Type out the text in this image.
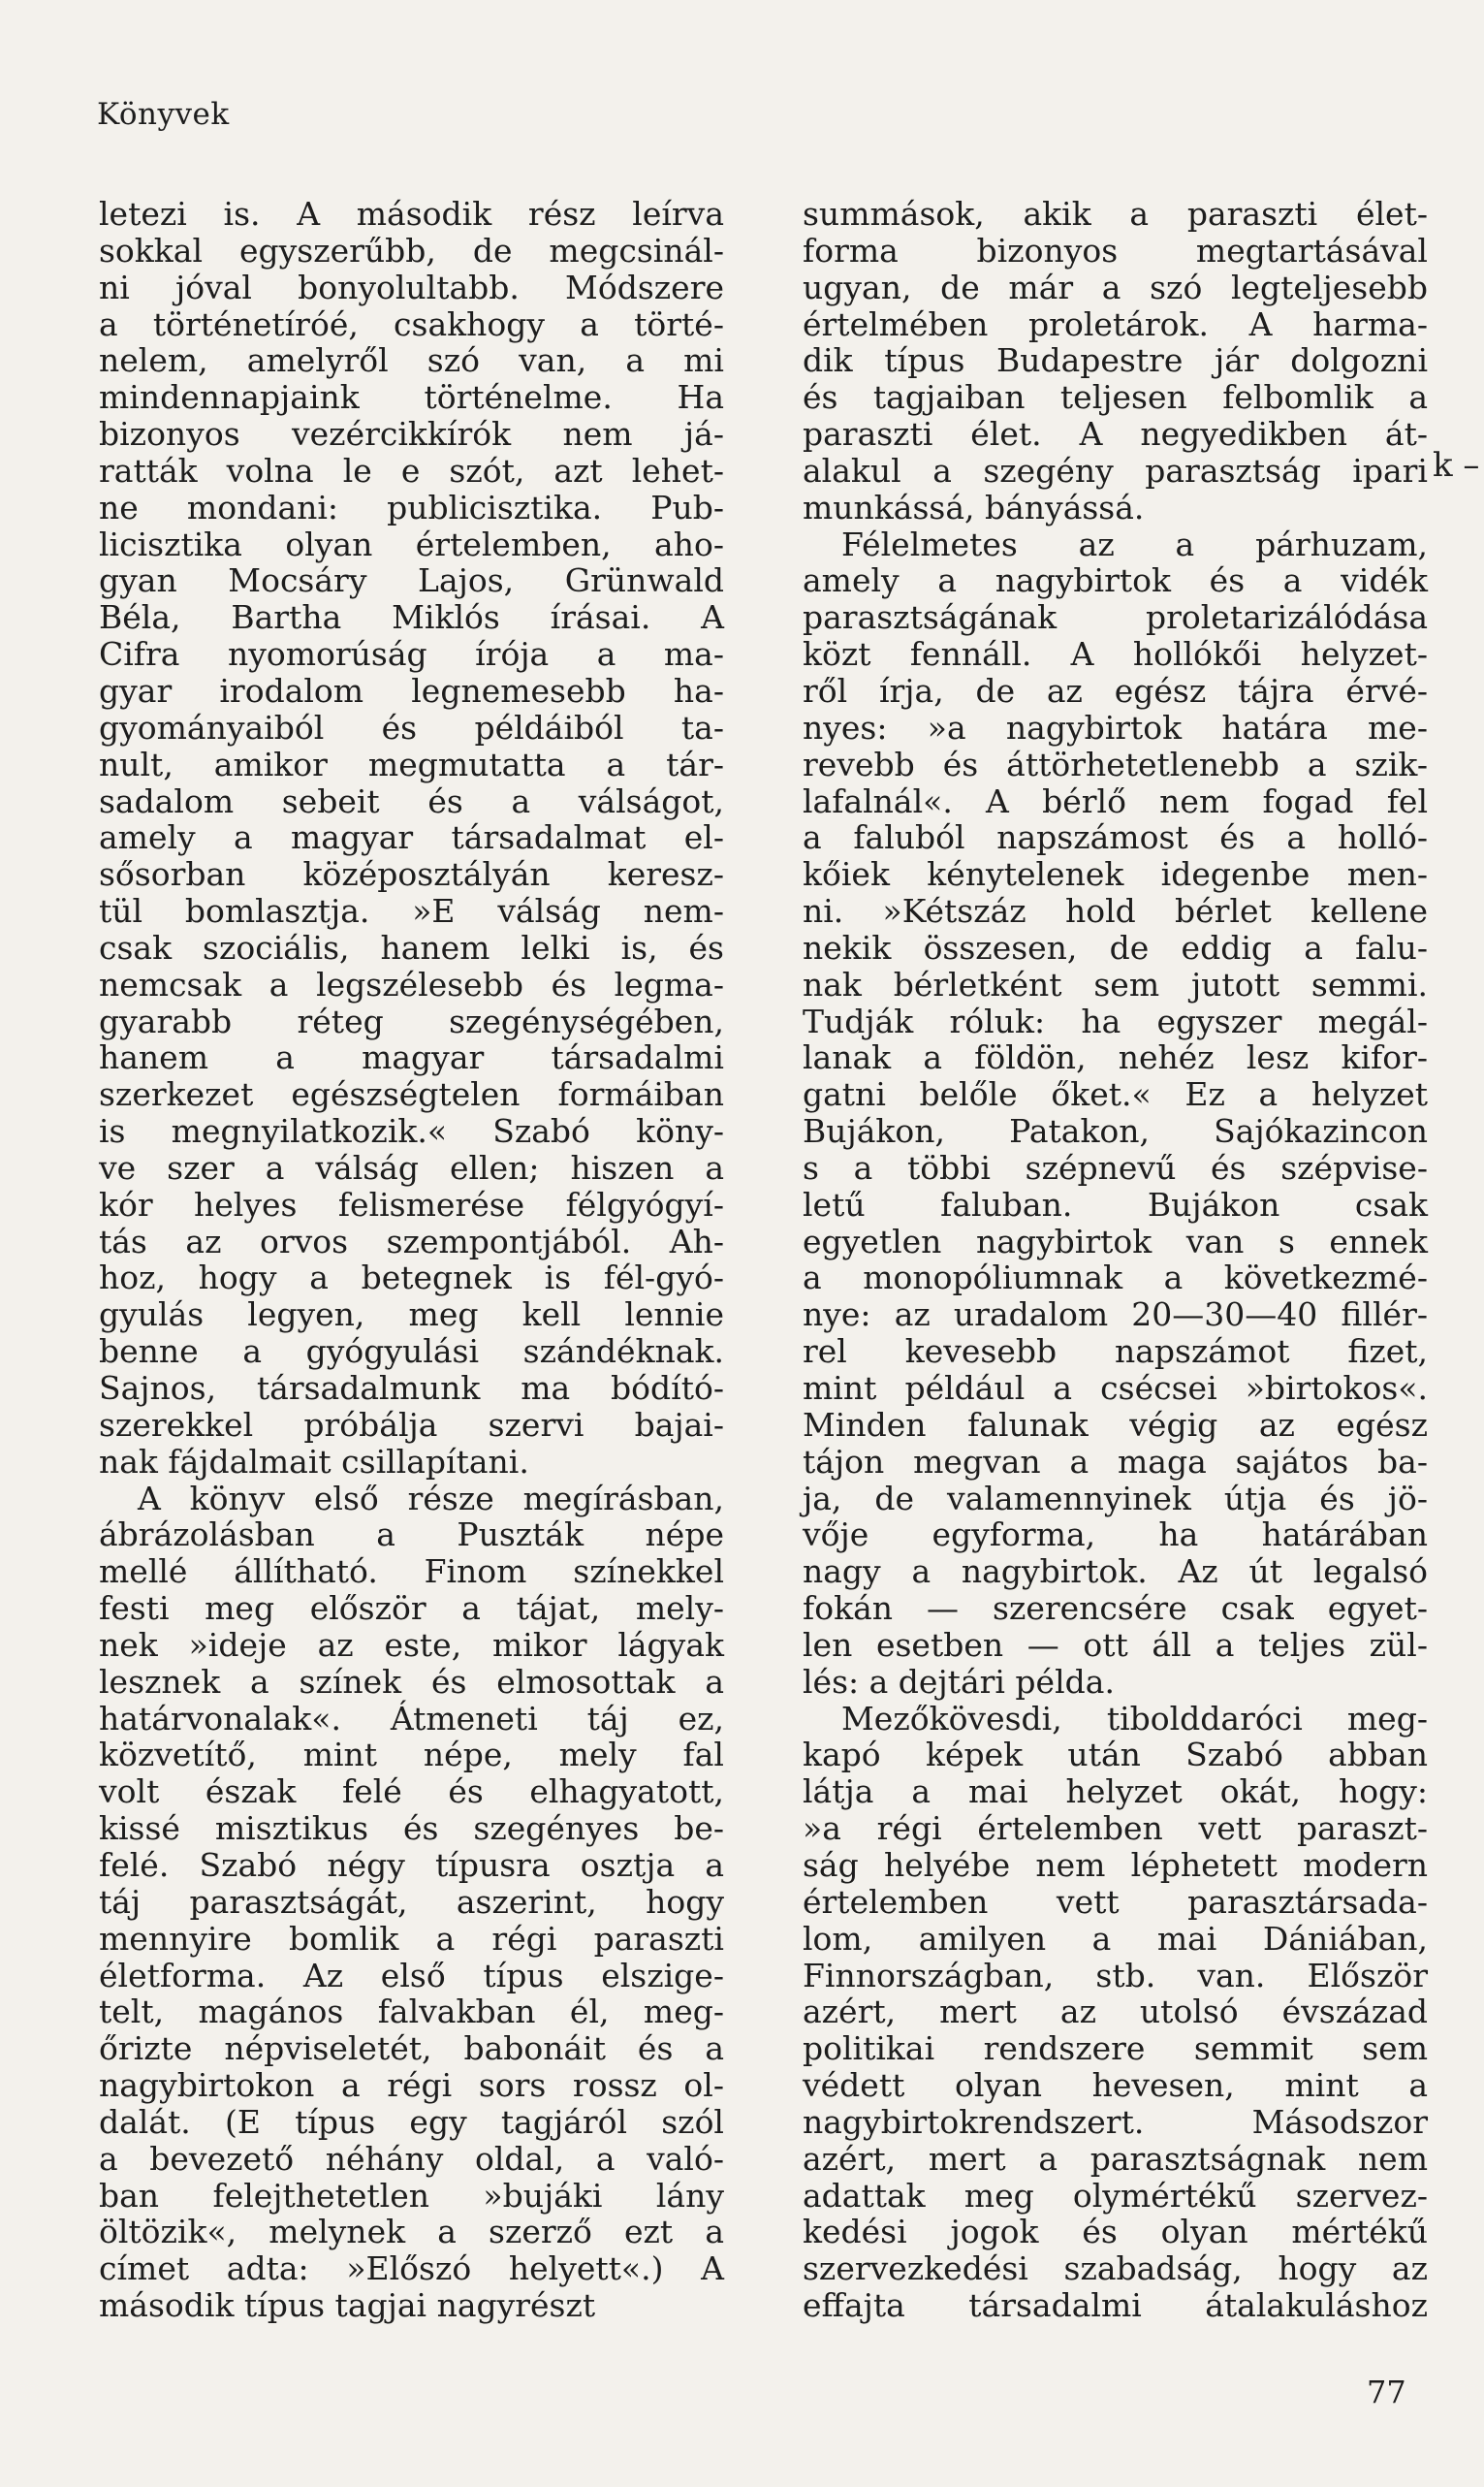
Könyvek
letezi is. A második rész leírva
sokkal egyszerűbb, de megcsinál-
ni jóval bonyolultabb. Módszere
a történetíróé, csakhogy a törté-
nelem, amelyről szó van, a mi
mindennapjaink történelme. Ha
bizonyos vezércikkírók nem já-
ratták volna le e szót, azt lehet-
ne mondani: publicisztika. Pub-
licisztika olyan értelemben, aho-
gyan Mocsáry Lajos, Grünwald
Béla, Bartha Miklós írásai. A
Cifra nyomorúság írója a ma-
gyar irodalom legnemesebb ha-
gyományaiból és példáiból ta-
nult, amikor megmutatta a tár-
sadalom sebeit és a válságot,
amely a magyar társadalmat el-
sősorban középosztályán keresz-
tül bomlasztja. »E válság nem-
csak szociális, hanem lelki is, és
nemcsak a legszélesebb és legma-
gyarabb réteg szegénységében,
hanem a magyar társadalmi
szerkezet egészségtelen formáiban
is megnyilatkozik.« Szabó köny-
ve szer a válság ellen; hiszen a
kór helyes felismerése félgyógyí-
tás az orvos szempontjából. Ah-
hoz, hogy a betegnek is fél-gyó-
gyulás legyen, meg kell lennie
benne a gyógyulási szándéknak.
Sajnos, társadalmunk ma bódító-
szerekkel próbálja szervi bajai-
nak fájdalmait csillapítani.
A könyv első része megírásban,
ábrázolásban a Puszták népe
mellé állítható. Finom színekkel
festi meg először a tájat, mely-
nek »ideje az este, mikor lágyak
lesznek a színek és elmosottak a
határvonalak«. Átmeneti táj ez,
közvetítő, mint népe, mely fal
volt észak felé és elhagyatott,
kissé misztikus és szegényes be-
felé. Szabó négy típusra osztja a
táj parasztságát, aszerint, hogy
mennyire bomlik a régi paraszti
életforma. Az első típus elszige-
telt, magános falvakban él, meg-
őrizte népviseletét, babonáit és a
nagybirtokon a régi sors rossz ol-
dalát. (E típus egy tagjáról szól
a bevezető néhány oldal, a való-
ban felejthetetlen »bujáki lány
öltözik«, melynek a szerző ezt a
címet adta: »Előszó helyett«.) A
második típus tagjai nagyrészt
summások, akik a paraszti élet-
forma bizonyos megtartásával
ugyan, de már a szó legteljesebb
értelmében proletárok. A harma-
dik típus Budapestre jár dolgozni
és tagjaiban teljesen felbomlik a
paraszti élet. A negyedikben át-
alakul a szegény parasztság ipari
munkássá, bányássá.
Félelmetes az a párhuzam,
amely a nagybirtok és a vidék
parasztságának proletarizálódása
közt fennáll. A hollókői helyzet-
ről írja, de az egész tájra érvé-
nyes: »a nagybirtok határa me-
revebb és áttörhetetlenebb a szik-
lafalnál«. A bérlő nem fogad fel
a faluból napszámost és a holló-
kőiek kénytelenek idegenbe men-
ni. »Kétszáz hold bérlet kellene
nekik összesen, de eddig a falu-
nak bérletként sem jutott semmi.
Tudják róluk: ha egyszer megál-
lanak a földön, nehéz lesz kifor-
gatni belőle őket.« Ez a helyzet
Bujákon, Patakon, Sajókazincon
s a többi szépnevű és szépvise-
letű faluban. Bujákon csak
egyetlen nagybirtok van s ennek
a monopóliumnak a következmé-
nye: az uradalom 20—30—40 fillér-
rel kevesebb napszámot fizet,
mint például a csécsei »birtokos«.
Minden falunak végig az egész
tájon megvan a maga sajátos ba-
ja, de valamennyinek útja és jö-
vője egyforma, ha határában
nagy a nagybirtok. Az út legalsó
fokán — szerencsére csak egyet-
len esetben — ott áll a teljes zül-
lés: a dejtári példa.
Mezőkövesdi, tibolddaróci meg-
kapó képek után Szabó abban
látja a mai helyzet okát, hogy:
»a régi értelemben vett paraszt-
ság helyébe nem léphetett modern
értelemben vett parasztársada-
lom, amilyen a mai Dániában,
Finnországban, stb. van. Először
azért, mert az utolsó évszázad
politikai rendszere semmit sem
védett olyan hevesen, mint a
nagybirtokrendszert. Másodszor
azért, mert a parasztságnak nem
adattak meg olymértékű szervez-
kedési jogok és olyan mértékű
szervezkedési szabadság, hogy az
effajta társadalmi átalakuláshoz
k –
77
